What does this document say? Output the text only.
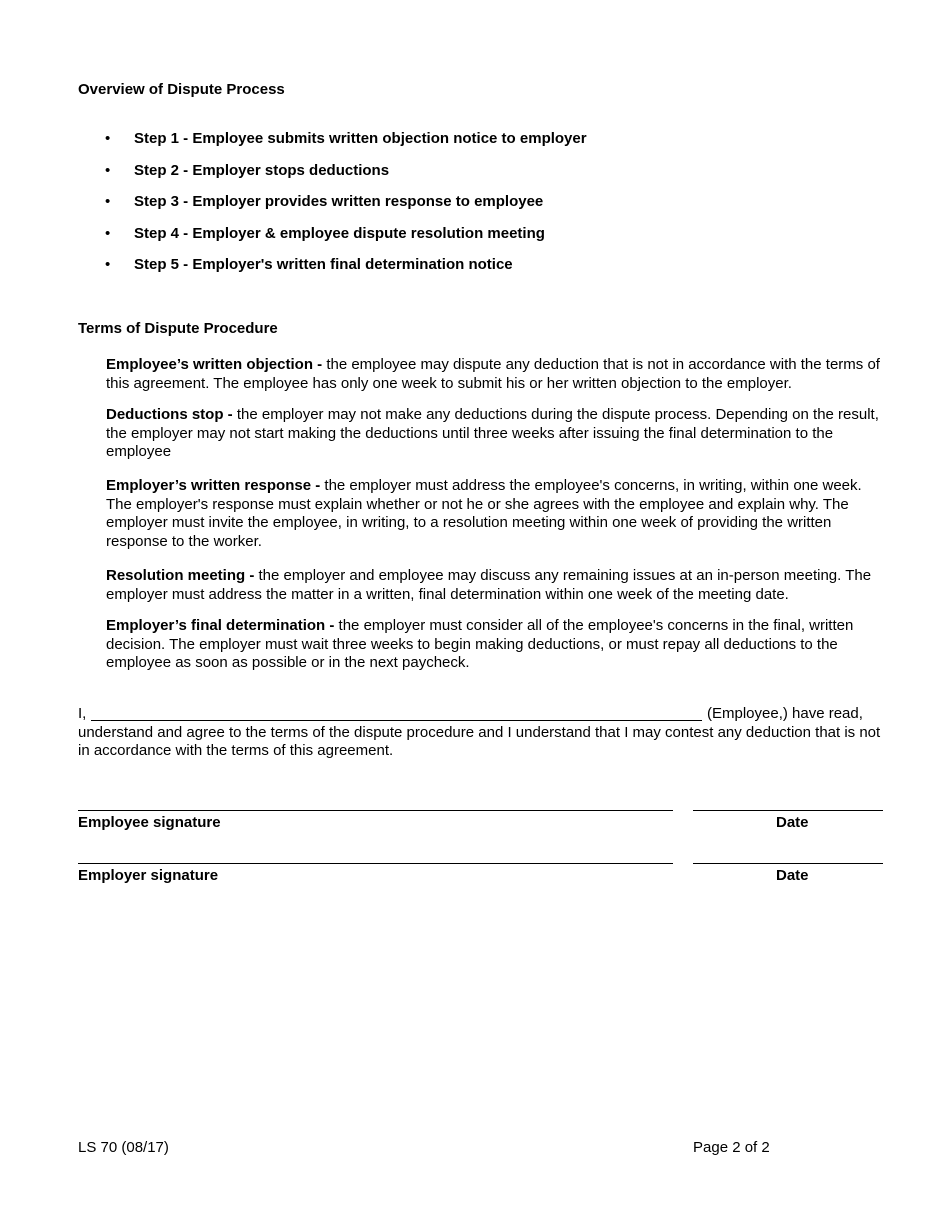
Overview of Dispute Process
• Step 1 - Employee submits written objection notice to employer
• Step 2 - Employer stops deductions
• Step 3 - Employer provides written response to employee
• Step 4 - Employer & employee dispute resolution meeting
• Step 5 - Employer's written final determination notice
Terms of Dispute Procedure
Employee’s written objection - the employee may dispute any deduction that is not in accordance with the terms of this agreement. The employee has only one week to submit his or her written objection to the employer.
Deductions stop - the employer may not make any deductions during the dispute process. Depending on the result, the employer may not start making the deductions until three weeks after issuing the final determination to the employee
Employer’s written response - the employer must address the employee's concerns, in writing, within one week. The employer's response must explain whether or not he or she agrees with the employee and explain why. The employer must invite the employee, in writing, to a resolution meeting within one week of providing the written response to the worker.
Resolution meeting - the employer and employee may discuss any remaining issues at an in-person meeting. The employer must address the matter in a written, final determination within one week of the meeting date.
Employer’s final determination - the employer must consider all of the employee's concerns in the final, written decision. The employer must wait three weeks to begin making deductions, or must repay all deductions to the employee as soon as possible or in the next paycheck.
I,	(Employee,) have read,
understand and agree to the terms of the dispute procedure and I understand that I may contest any deduction that is not in accordance with the terms of this agreement.
Employee signature	Date
Employer signature	Date
LS 70 (08/17)	Page 2 of 2
